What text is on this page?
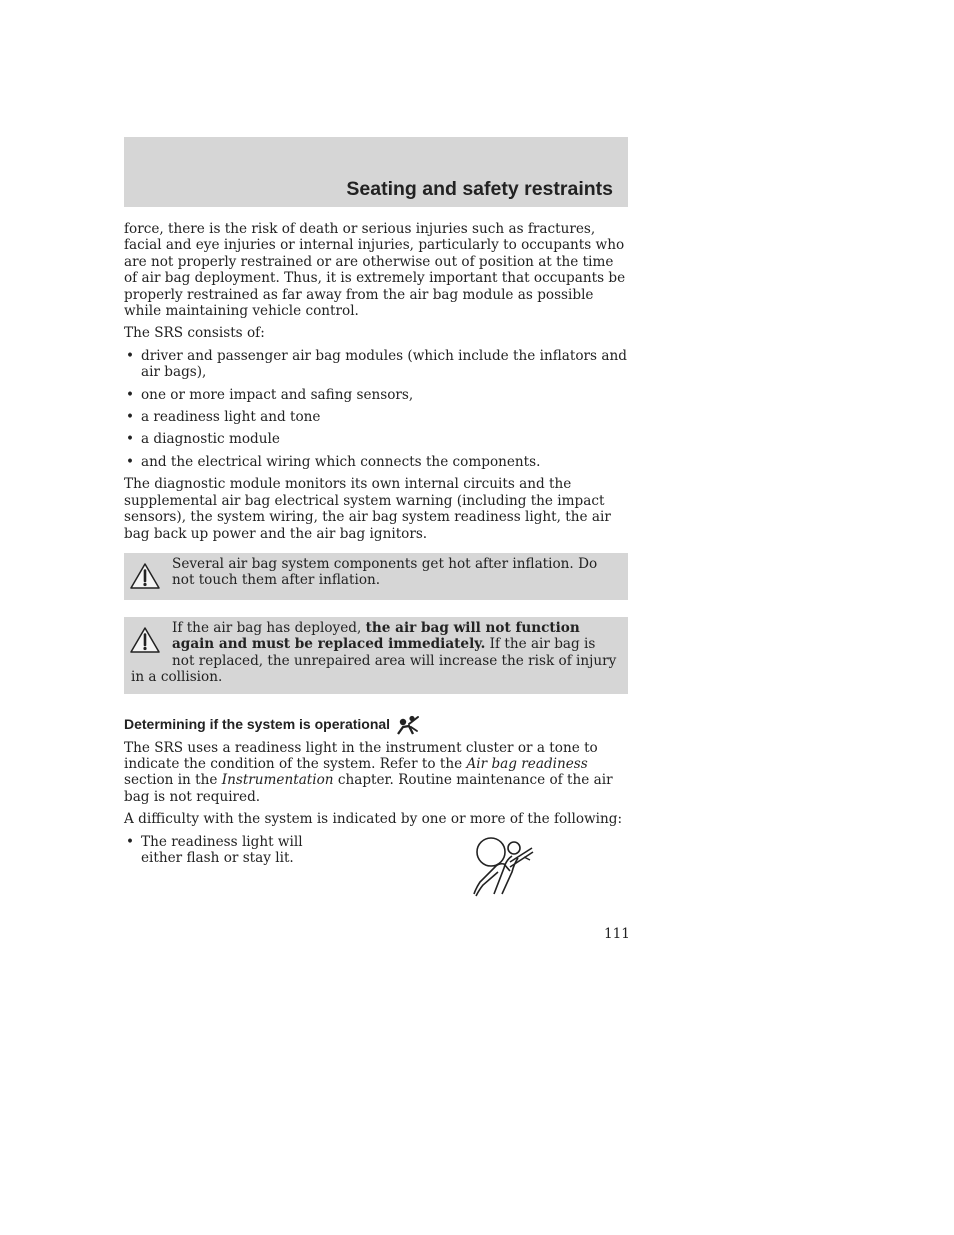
Seating and safety restraints

force, there is the risk of death or serious injuries such as fractures, facial and eye injuries or internal injuries, particularly to occupants who are not properly restrained or are otherwise out of position at the time of air bag deployment. Thus, it is extremely important that occupants be properly restrained as far away from the air bag module as possible while maintaining vehicle control.

The SRS consists of:

• driver and passenger air bag modules (which include the inflators and air bags),
• one or more impact and safing sensors,
• a readiness light and tone
• a diagnostic module
• and the electrical wiring which connects the components.

The diagnostic module monitors its own internal circuits and the supplemental air bag electrical system warning (including the impact sensors), the system wiring, the air bag system readiness light, the air bag back up power and the air bag ignitors.

Several air bag system components get hot after inflation. Do not touch them after inflation.

If the air bag has deployed, the air bag will not function again and must be replaced immediately. If the air bag is not replaced, the unrepaired area will increase the risk of injury in a collision.

Determining if the system is operational

The SRS uses a readiness light in the instrument cluster or a tone to indicate the condition of the system. Refer to the Air bag readiness section in the Instrumentation chapter. Routine maintenance of the air bag is not required.

A difficulty with the system is indicated by one or more of the following:

• The readiness light will either flash or stay lit.
111
